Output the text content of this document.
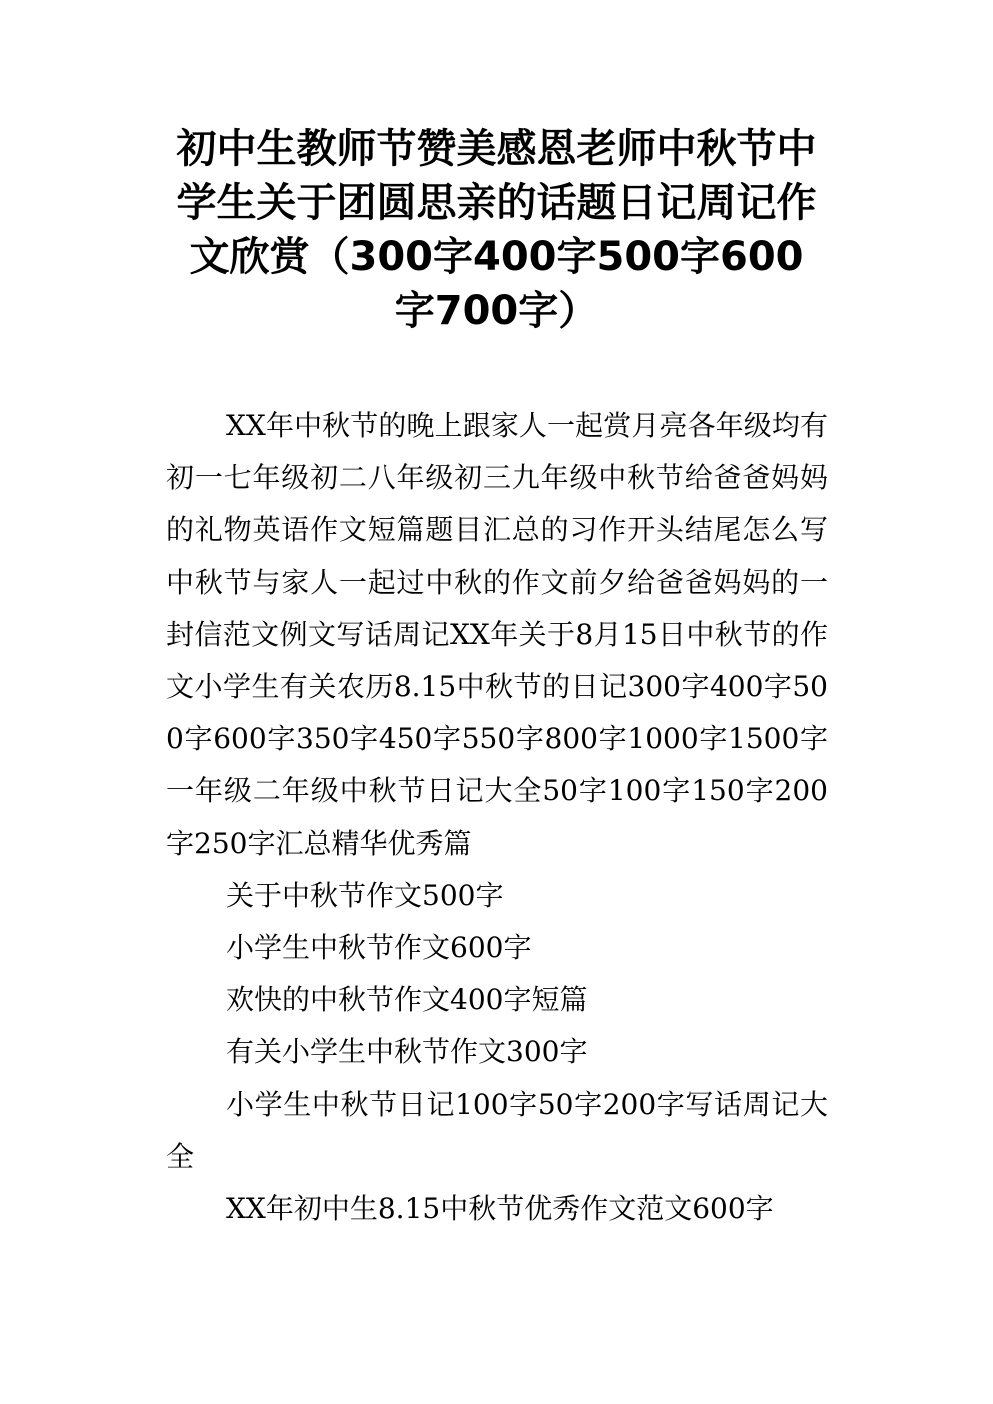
初中生教师节赞美感恩老师中秋节中学生关于团圆思亲的话题日记周记作文欣赏（300字400字500字600字700字）

XX年中秋节的晚上跟家人一起赏月亮各年级均有初一七年级初二八年级初三九年级中秋节给爸爸妈妈的礼物英语作文短篇题目汇总的习作开头结尾怎么写中秋节与家人一起过中秋的作文前夕给爸爸妈妈的一封信范文例文写话周记XX年关于8月15日中秋节的作文小学生有关农历8.15中秋节的日记300字400字500字600字350字450字550字800字1000字1500字一年级二年级中秋节日记大全50字100字150字200字250字汇总精华优秀篇

关于中秋节作文500字

小学生中秋节作文600字

欢快的中秋节作文400字短篇

有关小学生中秋节作文300字

小学生中秋节日记100字50字200字写话周记大全

XX年初中生8.15中秋节优秀作文范文600字
